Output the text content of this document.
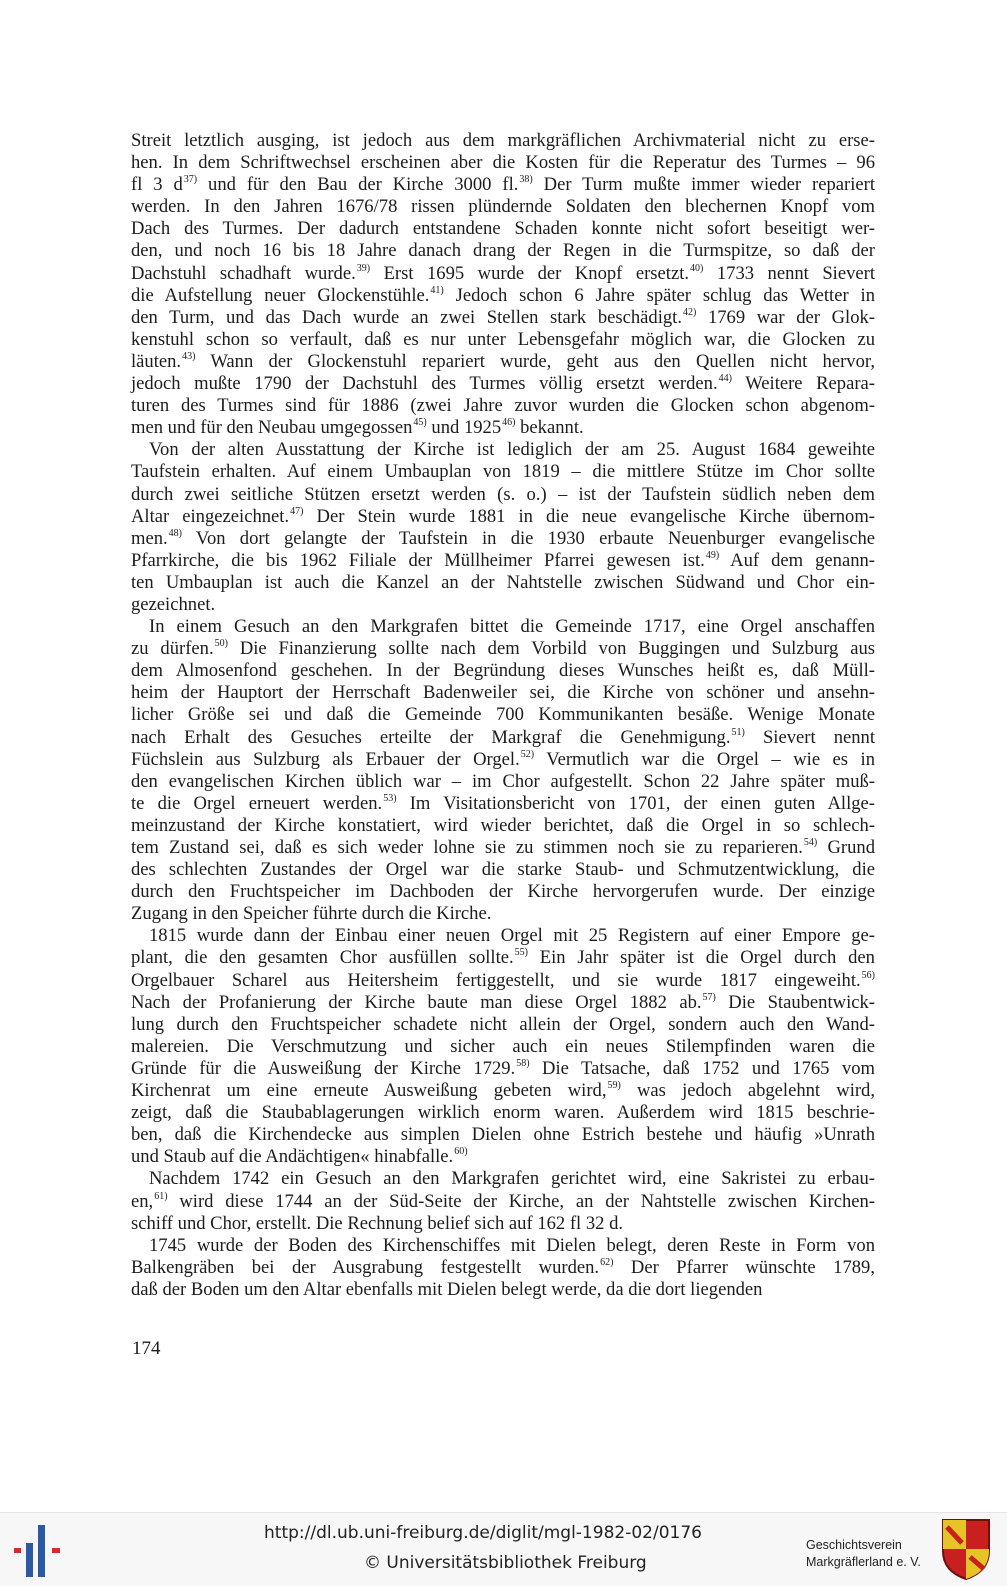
Streit letztlich ausging, ist jedoch aus dem markgräflichen Archivmaterial nicht zu erse-
hen. In dem Schriftwechsel erscheinen aber die Kosten für die Reperatur des Turmes – 96
fl 3 d$^{37)}$ und für den Bau der Kirche 3000 fl.$^{38)}$ Der Turm mußte immer wieder repariert
werden. In den Jahren 1676/78 rissen plündernde Soldaten den blechernen Knopf vom
Dach des Turmes. Der dadurch entstandene Schaden konnte nicht sofort beseitigt wer-
den, und noch 16 bis 18 Jahre danach drang der Regen in die Turmspitze, so daß der
Dachstuhl schadhaft wurde.$^{39)}$ Erst 1695 wurde der Knopf ersetzt.$^{40)}$ 1733 nennt Sievert
die Aufstellung neuer Glockenstühle.$^{41)}$ Jedoch schon 6 Jahre später schlug das Wetter in
den Turm, und das Dach wurde an zwei Stellen stark beschädigt.$^{42)}$ 1769 war der Glok-
kenstuhl schon so verfault, daß es nur unter Lebensgefahr möglich war, die Glocken zu
läuten.$^{43)}$ Wann der Glockenstuhl repariert wurde, geht aus den Quellen nicht hervor,
jedoch mußte 1790 der Dachstuhl des Turmes völlig ersetzt werden.$^{44)}$ Weitere Repara-
turen des Turmes sind für 1886 (zwei Jahre zuvor wurden die Glocken schon abgenom-
men und für den Neubau umgegossen$^{45)}$ und 1925$^{46)}$ bekannt.
Von der alten Ausstattung der Kirche ist lediglich der am 25. August 1684 geweihte
Taufstein erhalten. Auf einem Umbauplan von 1819 – die mittlere Stütze im Chor sollte
durch zwei seitliche Stützen ersetzt werden (s. o.) – ist der Taufstein südlich neben dem
Altar eingezeichnet.$^{47)}$ Der Stein wurde 1881 in die neue evangelische Kirche übernom-
men.$^{48)}$ Von dort gelangte der Taufstein in die 1930 erbaute Neuenburger evangelische
Pfarrkirche, die bis 1962 Filiale der Müllheimer Pfarrei gewesen ist.$^{49)}$ Auf dem genann-
ten Umbauplan ist auch die Kanzel an der Nahtstelle zwischen Südwand und Chor ein-
gezeichnet.
In einem Gesuch an den Markgrafen bittet die Gemeinde 1717, eine Orgel anschaffen
zu dürfen.$^{50)}$ Die Finanzierung sollte nach dem Vorbild von Buggingen und Sulzburg aus
dem Almosenfond geschehen. In der Begründung dieses Wunsches heißt es, daß Müll-
heim der Hauptort der Herrschaft Badenweiler sei, die Kirche von schöner und ansehn-
licher Größe sei und daß die Gemeinde 700 Kommunikanten besäße. Wenige Monate
nach Erhalt des Gesuches erteilte der Markgraf die Genehmigung.$^{51)}$ Sievert nennt
Füchslein aus Sulzburg als Erbauer der Orgel.$^{52)}$ Vermutlich war die Orgel – wie es in
den evangelischen Kirchen üblich war – im Chor aufgestellt. Schon 22 Jahre später muß-
te die Orgel erneuert werden.$^{53)}$ Im Visitationsbericht von 1701, der einen guten Allge-
meinzustand der Kirche konstatiert, wird wieder berichtet, daß die Orgel in so schlech-
tem Zustand sei, daß es sich weder lohne sie zu stimmen noch sie zu reparieren.$^{54)}$ Grund
des schlechten Zustandes der Orgel war die starke Staub- und Schmutzentwicklung, die
durch den Fruchtspeicher im Dachboden der Kirche hervorgerufen wurde. Der einzige
Zugang in den Speicher führte durch die Kirche.
1815 wurde dann der Einbau einer neuen Orgel mit 25 Registern auf einer Empore ge-
plant, die den gesamten Chor ausfüllen sollte.$^{55)}$ Ein Jahr später ist die Orgel durch den
Orgelbauer Scharel aus Heitersheim fertiggestellt, und sie wurde 1817 eingeweiht.$^{56)}$
Nach der Profanierung der Kirche baute man diese Orgel 1882 ab.$^{57)}$ Die Staubentwick-
lung durch den Fruchtspeicher schadete nicht allein der Orgel, sondern auch den Wand-
malereien. Die Verschmutzung und sicher auch ein neues Stilempfinden waren die
Gründe für die Ausweißung der Kirche 1729.$^{58)}$ Die Tatsache, daß 1752 und 1765 vom
Kirchenrat um eine erneute Ausweißung gebeten wird,$^{59)}$ was jedoch abgelehnt wird,
zeigt, daß die Staubablagerungen wirklich enorm waren. Außerdem wird 1815 beschrie-
ben, daß die Kirchendecke aus simplen Dielen ohne Estrich bestehe und häufig »Unrath
und Staub auf die Andächtigen« hinabfalle.$^{60)}$
Nachdem 1742 ein Gesuch an den Markgrafen gerichtet wird, eine Sakristei zu erbau-
en,$^{61)}$ wird diese 1744 an der Süd-Seite der Kirche, an der Nahtstelle zwischen Kirchen-
schiff und Chor, erstellt. Die Rechnung belief sich auf 162 fl 32 d.
1745 wurde der Boden des Kirchenschiffes mit Dielen belegt, deren Reste in Form von
Balkengräben bei der Ausgrabung festgestellt wurden.$^{62)}$ Der Pfarrer wünschte 1789,
daß der Boden um den Altar ebenfalls mit Dielen belegt werde, da die dort liegenden
174
http://dl.ub.uni-freiburg.de/diglit/mgl-1982-02/0176
© Universitätsbibliothek Freiburg
Geschichtsverein
Markgräflerland e. V.
